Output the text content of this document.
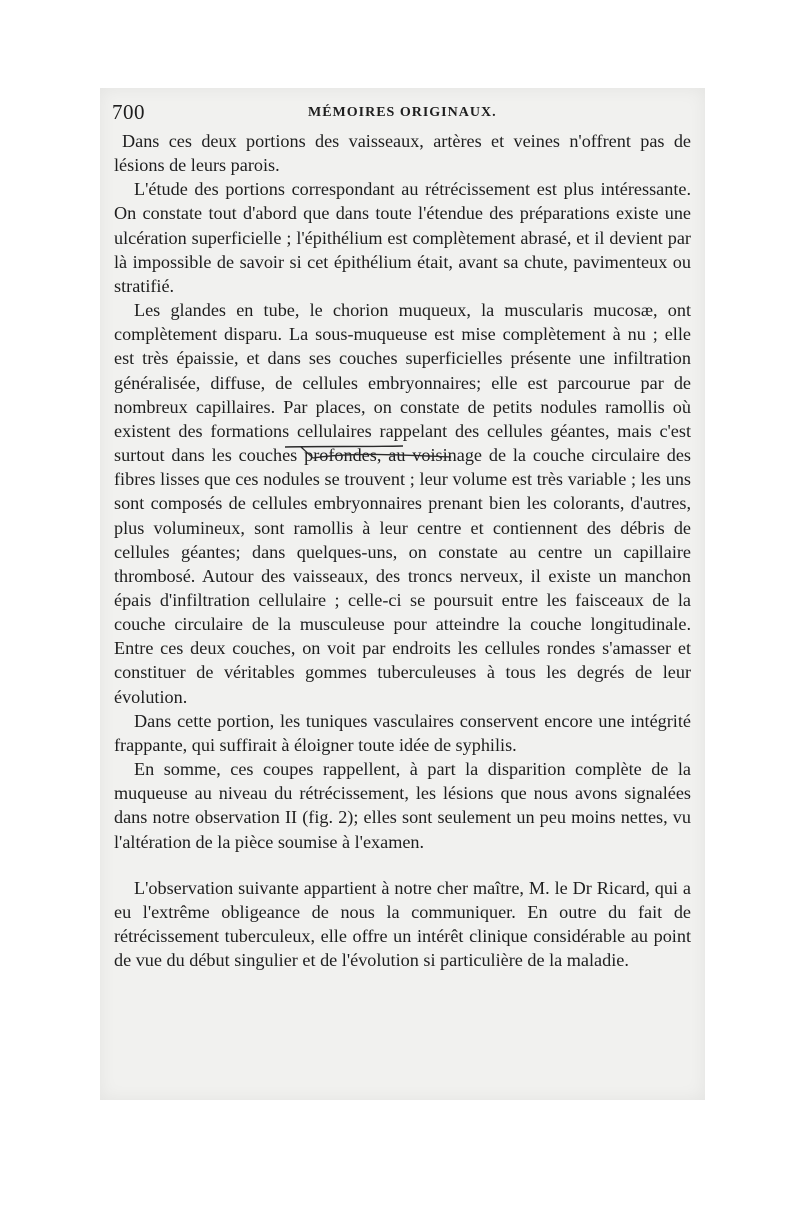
700	MÉMOIRES ORIGINAUX.

Dans ces deux portions des vaisseaux, artères et veines n'offrent pas de lésions de leurs parois.

L'étude des portions correspondant au rétrécissement est plus intéressante. On constate tout d'abord que dans toute l'étendue des préparations existe une ulcération superficielle ; l'épithélium est complètement abrasé, et il devient par là impossible de savoir si cet épithélium était, avant sa chute, pavimenteux ou stratifié.

Les glandes en tube, le chorion muqueux, la muscularis mucosæ, ont complètement disparu. La sous-muqueuse est mise complètement à nu ; elle est très épaissie, et dans ses couches superficielles présente une infiltration généralisée, diffuse, de cellules embryonnaires; elle est parcourue par de nombreux capillaires. Par places, on constate de petits nodules ramollis où existent des formations cellulaires rappelant des cellules géantes, mais c'est surtout dans les couches profondes, au voisinage de la couche circulaire des fibres lisses que ces nodules se trouvent ; leur volume est très variable ; les uns sont composés de cellules embryonnaires prenant bien les colorants, d'autres, plus volumineux, sont ramollis à leur centre et contiennent des débris de cellules géantes; dans quelques-uns, on constate au centre un capillaire thrombosé. Autour des vaisseaux, des troncs nerveux, il existe un manchon épais d'infiltration cellulaire ; celle-ci se poursuit entre les faisceaux de la couche circulaire de la musculeuse pour atteindre la couche longitudinale. Entre ces deux couches, on voit par endroits les cellules rondes s'amasser et constituer de véritables gommes tuberculeuses à tous les degrés de leur évolution.

Dans cette portion, les tuniques vasculaires conservent encore une intégrité frappante, qui suffirait à éloigner toute idée de syphilis.

En somme, ces coupes rappellent, à part la disparition complète de la muqueuse au niveau du rétrécissement, les lésions que nous avons signalées dans notre observation II (fig. 2); elles sont seulement un peu moins nettes, vu l'altération de la pièce soumise à l'examen.

L'observation suivante appartient à notre cher maître, M. le Dr Ricard, qui a eu l'extrême obligeance de nous la communiquer. En outre du fait de rétrécissement tuberculeux, elle offre un intérêt clinique considérable au point de vue du début singulier et de l'évolution si particulière de la maladie.
